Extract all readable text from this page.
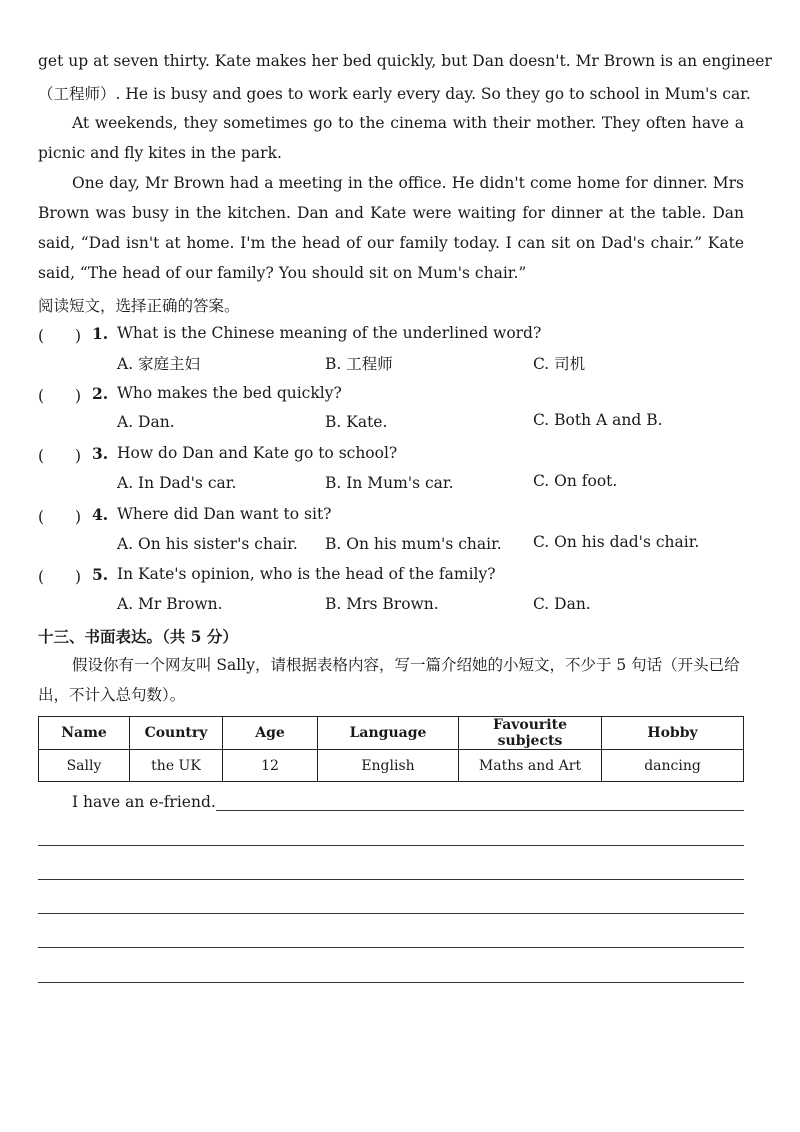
get up at seven thirty. Kate makes her bed quickly, but Dan doesn't. Mr Brown is an engineer
（工程师）. He is busy and goes to work early every day. So they go to school in Mum's car.
At weekends, they sometimes go to the cinema with their mother. They often have a picnic and fly kites in the park.
One day, Mr Brown had a meeting in the office. He didn't come home for dinner. Mrs Brown was busy in the kitchen. Dan and Kate were waiting for dinner at the table. Dan said, “Dad isn't at home. I'm the head of our family today. I can sit on Dad's chair.” Kate said, “The head of our family? You should sit on Mum's chair.”
阅读短文，选择正确的答案。
(　　) 1. What is the Chinese meaning of the underlined word?
A. 家庭主妇	B. 工程师	C. 司机
(　　) 2. Who makes the bed quickly?
A. Dan.	B. Kate.	C. Both A and B.
(　　) 3. How do Dan and Kate go to school?
A. In Dad's car.	B. In Mum's car.	C. On foot.
(　　) 4. Where did Dan want to sit?
A. On his sister's chair. B. On his mum's chair. C. On his dad's chair.
(　　) 5. In Kate's opinion, who is the head of the family?
A. Mr Brown.	B. Mrs Brown.	C. Dan.
十三、书面表达。（共 5 分）
假设你有一个网友叫 Sally，请根据表格内容，写一篇介绍她的小短文，不少于 5 句话（开头已给出，不计入总句数）。
Name	Country	Age	Language	Favourite subjects	Hobby
Sally	the UK	12	English	Maths and Art	dancing
I have an e-friend.
